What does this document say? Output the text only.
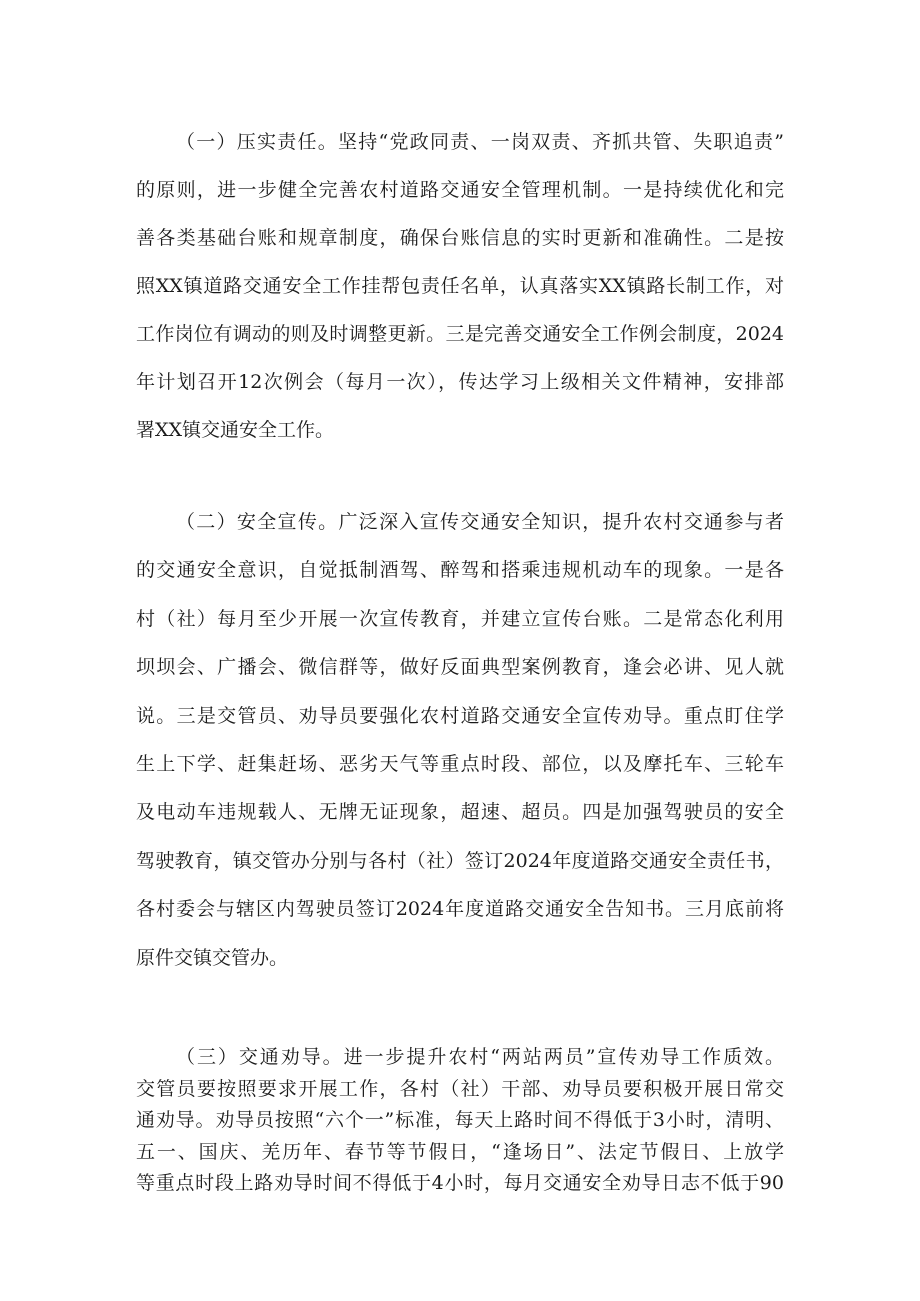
（一）压实责任。坚持“党政同责、一岗双责、齐抓共管、失职追责”
的原则，进一步健全完善农村道路交通安全管理机制。一是持续优化和完
善各类基础台账和规章制度，确保台账信息的实时更新和准确性。二是按
照XX镇道路交通安全工作挂帮包责任名单，认真落实XX镇路长制工作，对
工作岗位有调动的则及时调整更新。三是完善交通安全工作例会制度，2024
年计划召开12次例会（每月一次），传达学习上级相关文件精神，安排部
署XX镇交通安全工作。
（二）安全宣传。广泛深入宣传交通安全知识，提升农村交通参与者
的交通安全意识，自觉抵制酒驾、醉驾和搭乘违规机动车的现象。一是各
村（社）每月至少开展一次宣传教育，并建立宣传台账。二是常态化利用
坝坝会、广播会、微信群等，做好反面典型案例教育，逢会必讲、见人就
说。三是交管员、劝导员要强化农村道路交通安全宣传劝导。重点盯住学
生上下学、赶集赶场、恶劣天气等重点时段、部位，以及摩托车、三轮车
及电动车违规载人、无牌无证现象，超速、超员。四是加强驾驶员的安全
驾驶教育，镇交管办分别与各村（社）签订2024年度道路交通安全责任书，
各村委会与辖区内驾驶员签订2024年度道路交通安全告知书。三月底前将
原件交镇交管办。
（三）交通劝导。进一步提升农村“两站两员”宣传劝导工作质效。
交管员要按照要求开展工作，各村（社）干部、劝导员要积极开展日常交
通劝导。劝导员按照“六个一”标准，每天上路时间不得低于3小时，清明、
五一、国庆、羌历年、春节等节假日，“逢场日”、法定节假日、上放学
等重点时段上路劝导时间不得低于4小时，每月交通安全劝导日志不低于90
